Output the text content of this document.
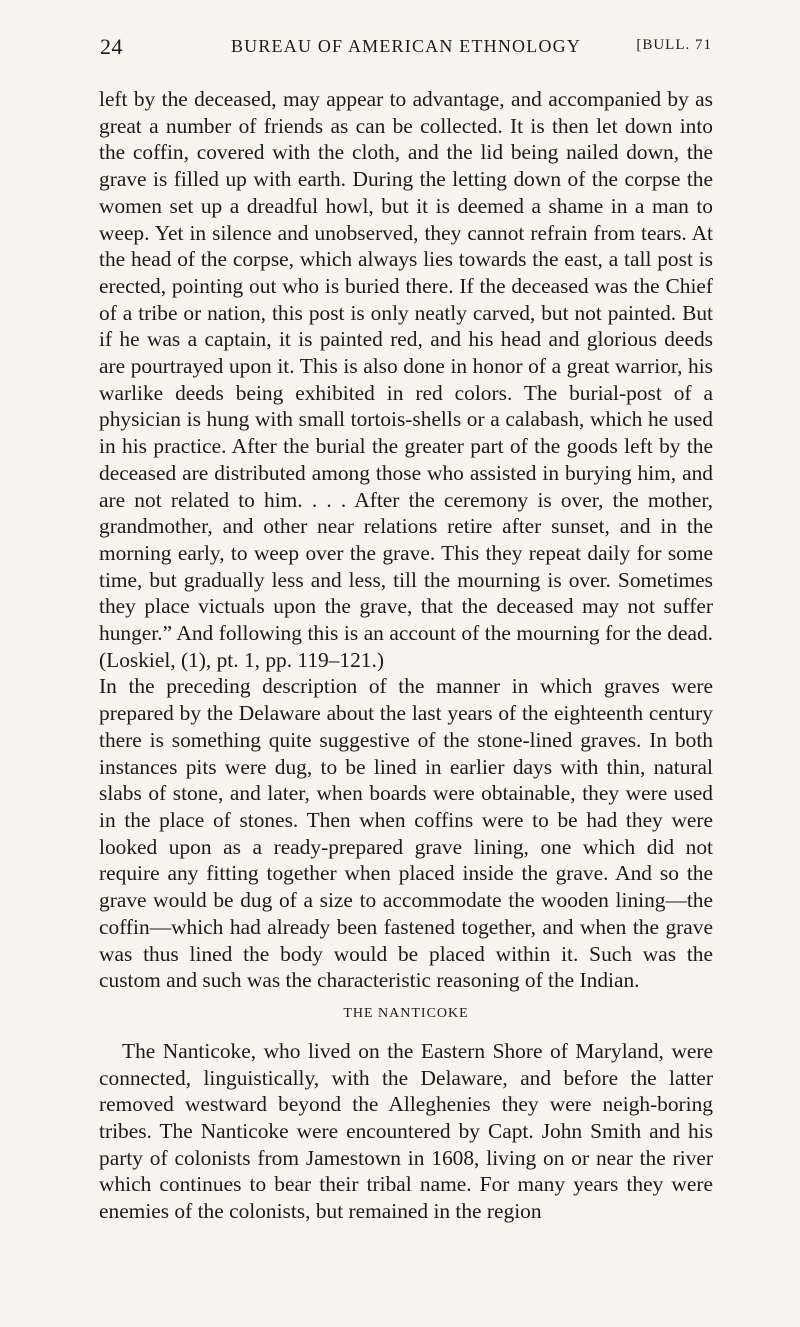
24	BUREAU OF AMERICAN ETHNOLOGY	[BULL. 71

left by the deceased, may appear to advantage, and accompanied by as great a number of friends as can be collected. It is then let down into the coffin, covered with the cloth, and the lid being nailed down, the grave is filled up with earth. During the letting down of the corpse the women set up a dreadful howl, but it is deemed a shame in a man to weep. Yet in silence and unobserved, they cannot refrain from tears. At the head of the corpse, which always lies towards the east, a tall post is erected, pointing out who is buried there. If the deceased was the Chief of a tribe or nation, this post is only neatly carved, but not painted. But if he was a captain, it is painted red, and his head and glorious deeds are pourtrayed upon it. This is also done in honor of a great warrior, his warlike deeds being exhibited in red colors. The burial-post of a physician is hung with small tortois-shells or a calabash, which he used in his practice. After the burial the greater part of the goods left by the deceased are distributed among those who assisted in burying him, and are not related to him. . . . After the ceremony is over, the mother, grandmother, and other near relations retire after sunset, and in the morning early, to weep over the grave. This they repeat daily for some time, but gradually less and less, till the mourning is over. Sometimes they place victuals upon the grave, that the deceased may not suffer hunger.” And following this is an account of the mourning for the dead. (Loskiel, (1), pt. 1, pp. 119–121.)

In the preceding description of the manner in which graves were prepared by the Delaware about the last years of the eighteenth century there is something quite suggestive of the stone-lined graves. In both instances pits were dug, to be lined in earlier days with thin, natural slabs of stone, and later, when boards were obtainable, they were used in the place of stones. Then when coffins were to be had they were looked upon as a ready-prepared grave lining, one which did not require any fitting together when placed inside the grave. And so the grave would be dug of a size to accommodate the wooden lining—the coffin—which had already been fastened together, and when the grave was thus lined the body would be placed within it. Such was the custom and such was the characteristic reasoning of the Indian.

THE NANTICOKE

The Nanticoke, who lived on the Eastern Shore of Maryland, were connected, linguistically, with the Delaware, and before the latter removed westward beyond the Alleghenies they were neigh-boring tribes. The Nanticoke were encountered by Capt. John Smith and his party of colonists from Jamestown in 1608, living on or near the river which continues to bear their tribal name. For many years they were enemies of the colonists, but remained in the region
